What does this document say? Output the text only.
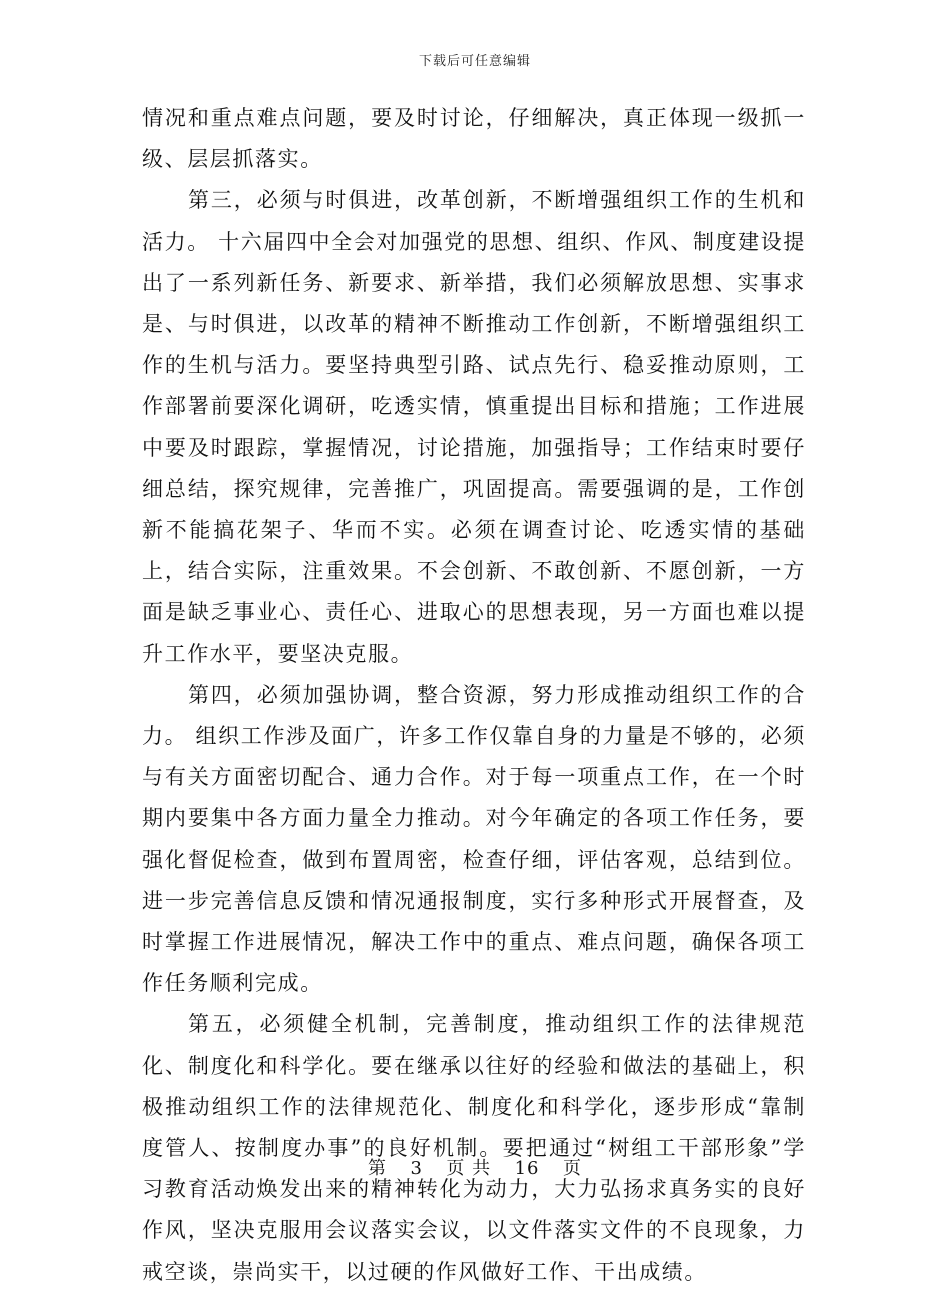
下载后可任意编辑

情况和重点难点问题，要及时讨论，仔细解决，真正体现一级抓一级、层层抓落实。

第三，必须与时俱进，改革创新，不断增强组织工作的生机和活力。 十六届四中全会对加强党的思想、组织、作风、制度建设提出了一系列新任务、新要求、新举措，我们必须解放思想、实事求是、与时俱进，以改革的精神不断推动工作创新，不断增强组织工作的生机与活力。要坚持典型引路、试点先行、稳妥推动原则，工作部署前要深化调研，吃透实情，慎重提出目标和措施；工作进展中要及时跟踪，掌握情况，讨论措施，加强指导；工作结束时要仔细总结，探究规律，完善推广，巩固提高。需要强调的是，工作创新不能搞花架子、华而不实。必须在调查讨论、吃透实情的基础上，结合实际，注重效果。不会创新、不敢创新、不愿创新，一方面是缺乏事业心、责任心、进取心的思想表现，另一方面也难以提升工作水平，要坚决克服。

第四，必须加强协调，整合资源，努力形成推动组织工作的合力。 组织工作涉及面广，许多工作仅靠自身的力量是不够的，必须与有关方面密切配合、通力合作。对于每一项重点工作，在一个时期内要集中各方面力量全力推动。对今年确定的各项工作任务，要强化督促检查，做到布置周密，检查仔细，评估客观，总结到位。进一步完善信息反馈和情况通报制度，实行多种形式开展督查，及时掌握工作进展情况，解决工作中的重点、难点问题，确保各项工作任务顺利完成。

第五，必须健全机制，完善制度，推动组织工作的法律规范化、制度化和科学化。要在继承以往好的经验和做法的基础上，积极推动组织工作的法律规范化、制度化和科学化，逐步形成“靠制度管人、按制度办事”的良好机制。要把通过“树组工干部形象”学习教育活动焕发出来的精神转化为动力，大力弘扬求真务实的良好作风，坚决克服用会议落实会议，以文件落实文件的不良现象，力戒空谈，崇尚实干，以过硬的作风做好工作、干出成绩。

第 3 页 共 16 页
